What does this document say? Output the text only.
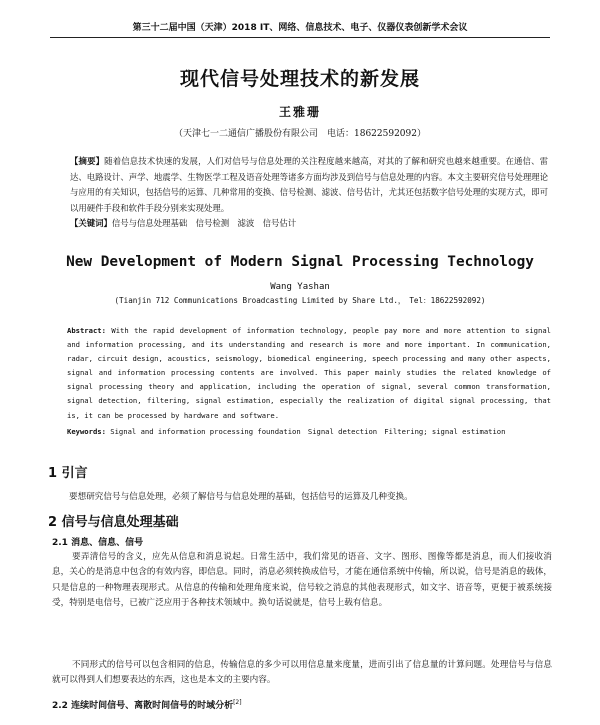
第三十二届中国（天津）2018 IT、网络、信息技术、电子、仪器仪表创新学术会议
现代信号处理技术的新发展
王雅珊
（天津七一二通信广播股份有限公司　电话：18622592092）

【摘要】随着信息技术快速的发展，人们对信号与信息处理的关注程度越来越高，对其的了解和研究也越来越重要。在通信、雷达、电路设计、声学、地震学、生物医学工程及语音处理等诸多方面均涉及到信号与信息处理的内容。本文主要研究信号处理理论与应用的有关知识，包括信号的运算、几种常用的变换、信号检测、滤波、信号估计，尤其还包括数字信号处理的实现方式，即可以用硬件手段和软件手段分别来实现处理。

【关键词】信号与信息处理基础　信号检测　滤波　信号估计

New Development of Modern Signal Processing Technology
Wang Yashan
(Tianjin 712 Communications Broadcasting Limited by Share Ltd.，　Tel：18622592092)

Abstract: With the rapid development of information technology, people pay more and more attention to signal and information processing, and its understanding and research is more and more important. In communication, radar, circuit design, acoustics, seismology, biomedical engineering, speech processing and many other aspects, signal and information processing contents are involved. This paper mainly studies the related knowledge of signal processing theory and application, including the operation of signal, several common transformation, signal detection, filtering, signal estimation, especially the realization of digital signal processing, that is, it can be processed by hardware and software.

Keywords: Signal and information processing foundation　Signal detection　Filtering; signal estimation

1 引言

要想研究信号与信息处理，必须了解信号与信息处理的基础，包括信号的运算及几种变换。

2 信号与信息处理基础
2.1 消息、信息、信号

要弄清信号的含义，应先从信息和消息说起。日常生活中，我们常见的语音、文字、图形、图像等都是消息，而人们接收消息，关心的是消息中包含的有效内容，即信息。同时，消息必须转换成信号，才能在通信系统中传输，所以说，信号是消息的载体，只是信息的一种物理表现形式。从信息的传输和处理角度来说，信号较之消息的其他表现形式，如文字、语音等，更便于被系统接受，特别是电信号，已被广泛应用于各种技术领域中。换句话说就是，信号上载有信息。

不同形式的信号可以包含相同的信息，传输信息的多少可以用信息量来度量，进而引出了信息量的计算问题。处理信号与信息就可以得到人们想要表达的东西，这也是本文的主要内容。

2.2 连续时间信号、离散时间信号的时域分析[2]
